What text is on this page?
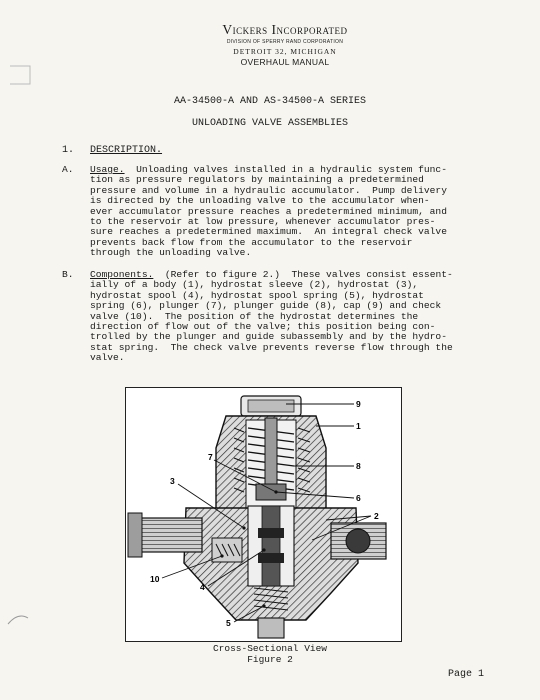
Vickers Incorporated
DIVISION OF SPERRY RAND CORPORATION
DETROIT 32, MICHIGAN
OVERHAUL MANUAL
AA-34500-A AND AS-34500-A SERIES
UNLOADING VALVE ASSEMBLIES
1. DESCRIPTION.
A. Usage. Unloading valves installed in a hydraulic system func-
tion as pressure regulators by maintaining a predetermined
pressure and volume in a hydraulic accumulator.  Pump delivery
is directed by the unloading valve to the accumulator when-
ever accumulator pressure reaches a predetermined minimum, and
to the reservoir at low pressure, whenever accumulator pres-
sure reaches a predetermined maximum.  An integral check valve
prevents back flow from the accumulator to the reservoir
through the unloading valve.
B. Components. (Refer to figure 2.)  These valves consist essent-
ially of a body (1), hydrostat sleeve (2), hydrostat (3),
hydrostat spool (4), hydrostat spool spring (5), hydrostat
spring (6), plunger (7), plunger guide (8), cap (9) and check
valve (10).  The position of the hydrostat determines the
direction of flow out of the valve; this position being con-
trolled by the plunger and guide subassembly and by the hydro-
stat spring.  The check valve prevents reverse flow through the
valve.
9
1
8
6
2
7
3
10
4
5
Cross-Sectional View
Figure 2
Page 1
